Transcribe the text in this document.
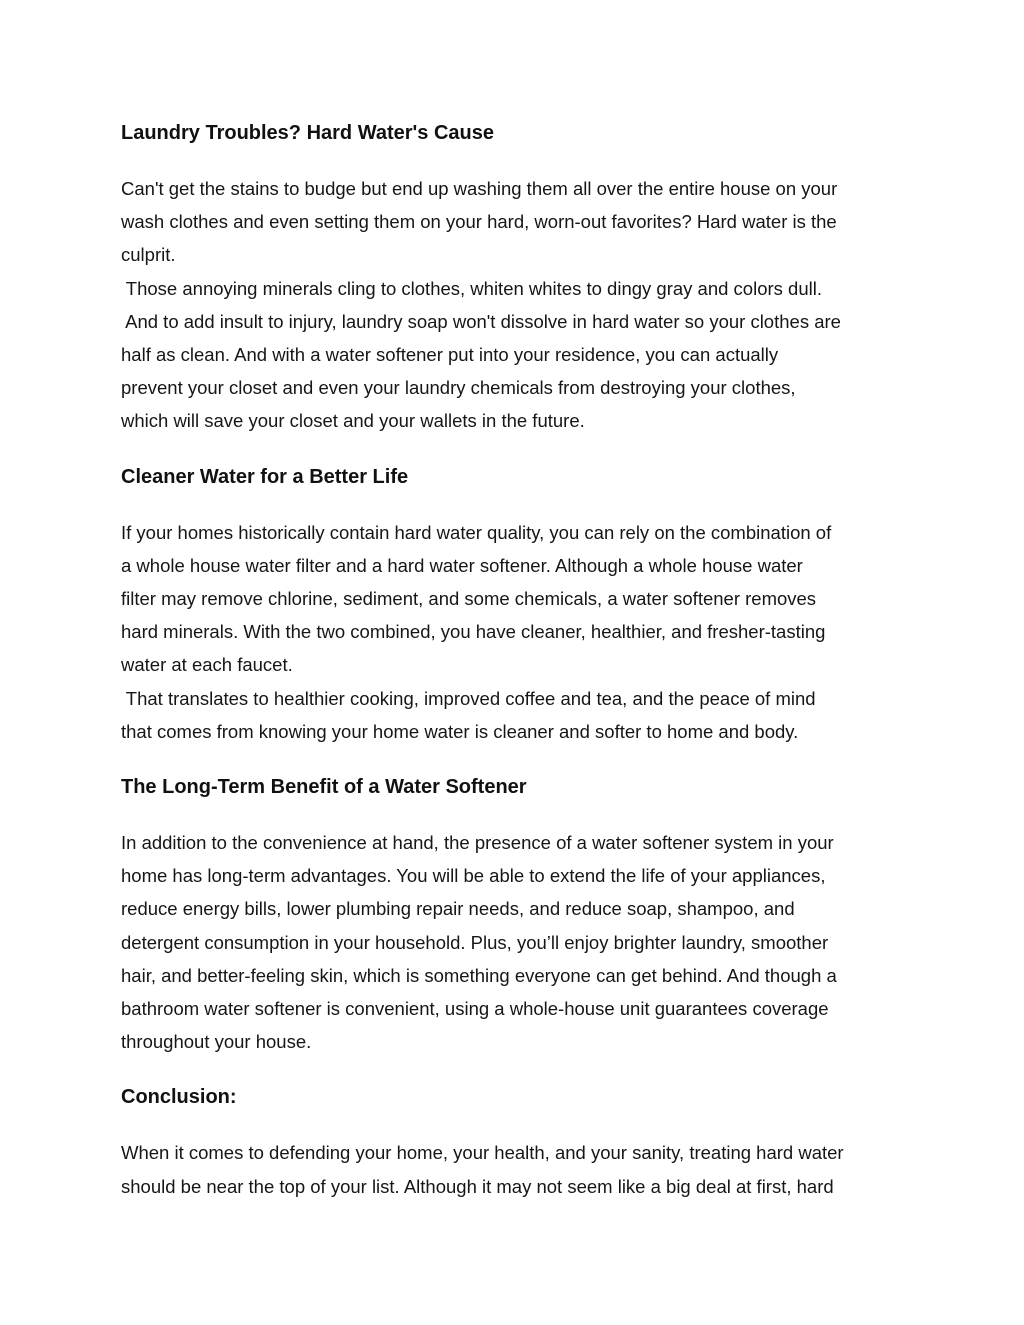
Laundry Troubles? Hard Water's Cause

Can't get the stains to budge but end up washing them all over the entire house on your
wash clothes and even setting them on your hard, worn-out favorites? Hard water is the
culprit.
Those annoying minerals cling to clothes, whiten whites to dingy gray and colors dull.
And to add insult to injury, laundry soap won't dissolve in hard water so your clothes are
half as clean. And with a water softener put into your residence, you can actually
prevent your closet and even your laundry chemicals from destroying your clothes,
which will save your closet and your wallets in the future.

Cleaner Water for a Better Life

If your homes historically contain hard water quality, you can rely on the combination of
a whole house water filter and a hard water softener. Although a whole house water
filter may remove chlorine, sediment, and some chemicals, a water softener removes
hard minerals. With the two combined, you have cleaner, healthier, and fresher-tasting
water at each faucet.
That translates to healthier cooking, improved coffee and tea, and the peace of mind
that comes from knowing your home water is cleaner and softer to home and body.

The Long-Term Benefit of a Water Softener

In addition to the convenience at hand, the presence of a water softener system in your
home has long-term advantages. You will be able to extend the life of your appliances,
reduce energy bills, lower plumbing repair needs, and reduce soap, shampoo, and
detergent consumption in your household. Plus, you’ll enjoy brighter laundry, smoother
hair, and better-feeling skin, which is something everyone can get behind. And though a
bathroom water softener is convenient, using a whole-house unit guarantees coverage
throughout your house.

Conclusion:

When it comes to defending your home, your health, and your sanity, treating hard water
should be near the top of your list. Although it may not seem like a big deal at first, hard
